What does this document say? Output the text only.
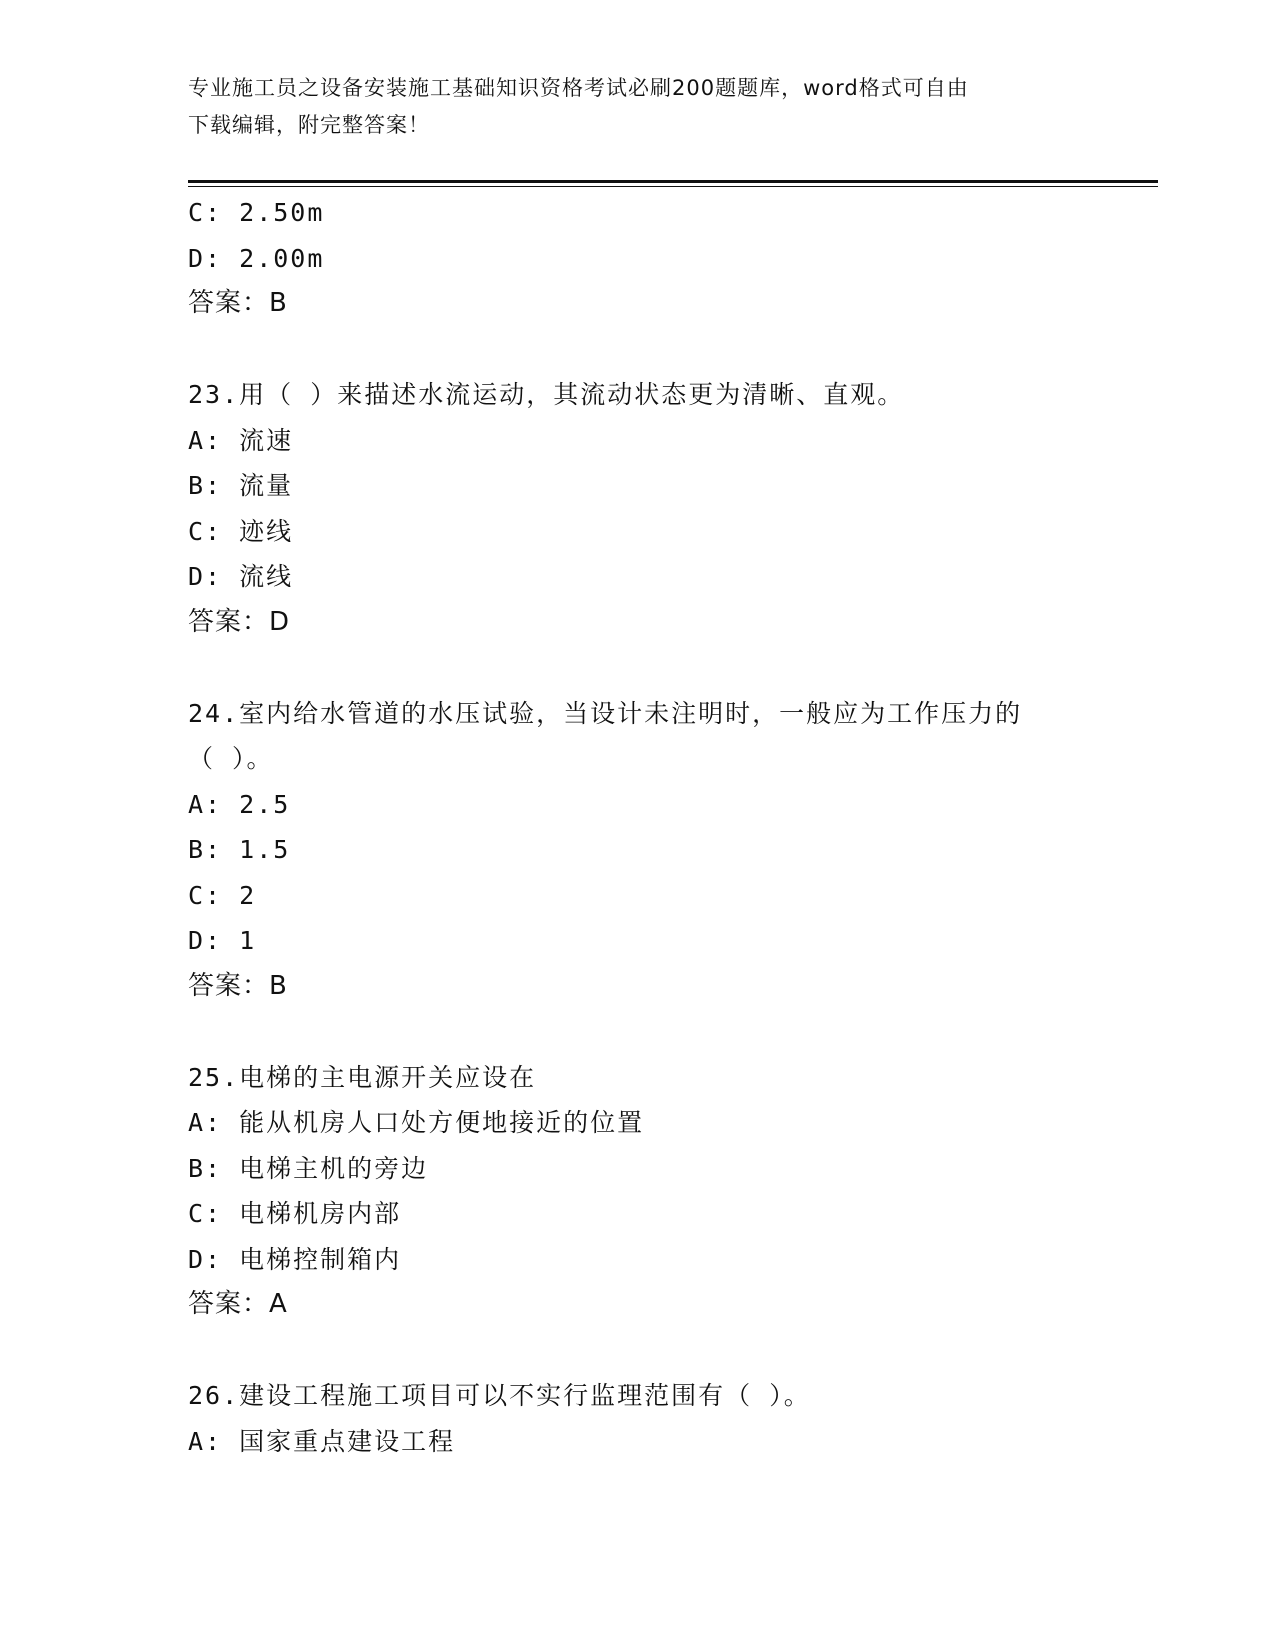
专业施工员之设备安装施工基础知识资格考试必刷200题题库，word格式可自由
下载编辑，附完整答案！
C: 2.50m
D: 2.00m
答案：B
23.用（ ）来描述水流运动，其流动状态更为清晰、直观。
A: 流速
B: 流量
C: 迹线
D: 流线
答案：D
24.室内给水管道的水压试验，当设计未注明时，一般应为工作压力的
（ ）。
A: 2.5
B: 1.5
C: 2
D: 1
答案：B
25.电梯的主电源开关应设在
A: 能从机房人口处方便地接近的位置
B: 电梯主机的旁边
C: 电梯机房内部
D: 电梯控制箱内
答案：A
26.建设工程施工项目可以不实行监理范围有（ ）。
A: 国家重点建设工程
